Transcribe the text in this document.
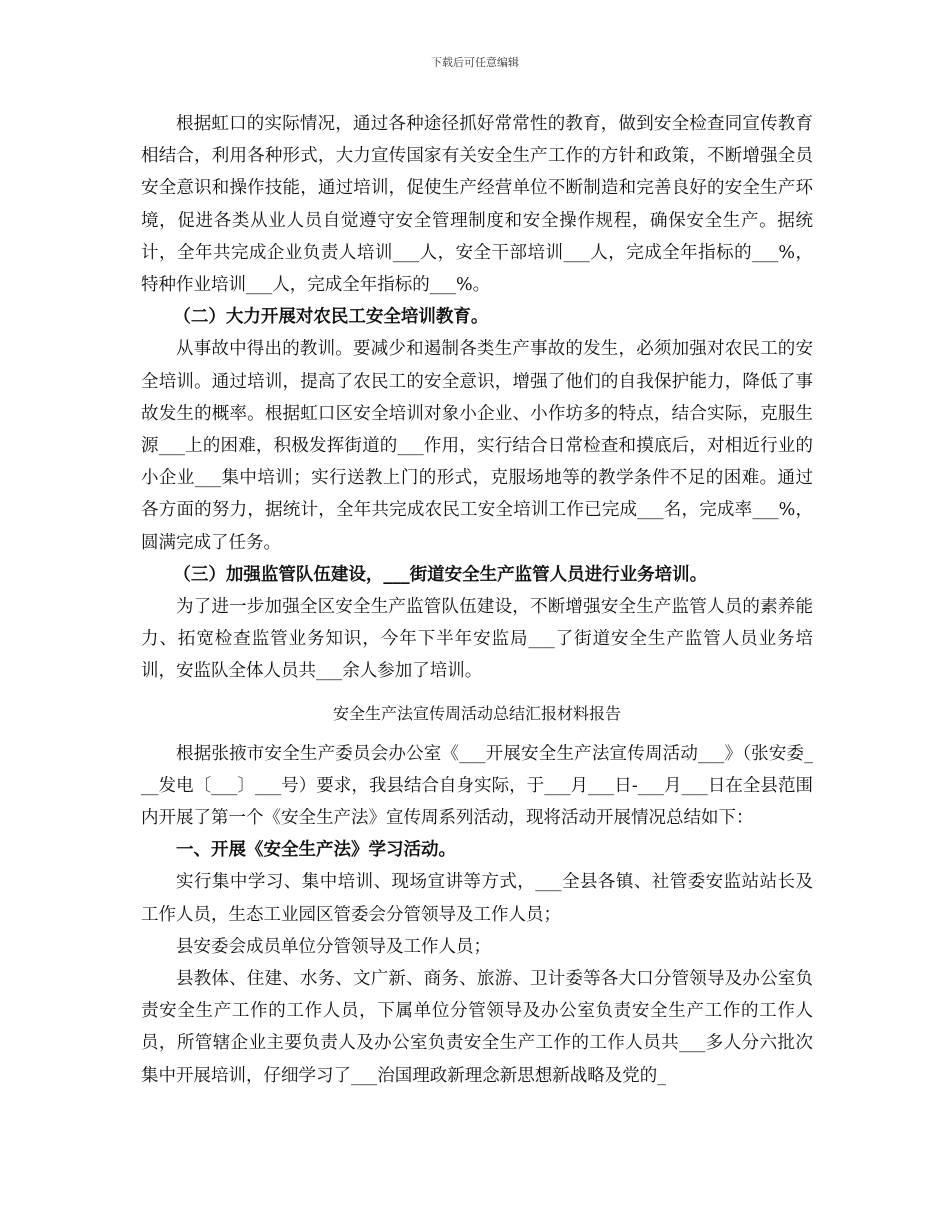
下载后可任意编辑

根据虹口的实际情况，通过各种途径抓好常常性的教育，做到安全检查同宣传教育相结合，利用各种形式，大力宣传国家有关安全生产工作的方针和政策，不断增强全员安全意识和操作技能，通过培训，促使生产经营单位不断制造和完善良好的安全生产环境，促进各类从业人员自觉遵守安全管理制度和安全操作规程，确保安全生产。据统计，全年共完成企业负责人培训___人，安全干部培训___人，完成全年指标的___%，特种作业培训___人，完成全年指标的___%。

（二）大力开展对农民工安全培训教育。

从事故中得出的教训。要减少和遏制各类生产事故的发生，必须加强对农民工的安全培训。通过培训，提高了农民工的安全意识，增强了他们的自我保护能力，降低了事故发生的概率。根据虹口区安全培训对象小企业、小作坊多的特点，结合实际，克服生源___上的困难，积极发挥街道的___作用，实行结合日常检查和摸底后，对相近行业的小企业___集中培训；实行送教上门的形式，克服场地等的教学条件不足的困难。通过各方面的努力，据统计，全年共完成农民工安全培训工作已完成___名，完成率___%，圆满完成了任务。

（三）加强监管队伍建设，___街道安全生产监管人员进行业务培训。

为了进一步加强全区安全生产监管队伍建设，不断增强安全生产监管人员的素养能力、拓宽检查监管业务知识，今年下半年安监局___了街道安全生产监管人员业务培训，安监队全体人员共___余人参加了培训。

安全生产法宣传周活动总结汇报材料报告

根据张掖市安全生产委员会办公室《___开展安全生产法宣传周活动___》（张安委___发电〔___〕___号）要求，我县结合自身实际，于___月___日-___月___日在全县范围内开展了第一个《安全生产法》宣传周系列活动，现将活动开展情况总结如下：

一、开展《安全生产法》学习活动。

实行集中学习、集中培训、现场宣讲等方式，___全县各镇、社管委安监站站长及工作人员，生态工业园区管委会分管领导及工作人员；

县安委会成员单位分管领导及工作人员；

县教体、住建、水务、文广新、商务、旅游、卫计委等各大口分管领导及办公室负责安全生产工作的工作人员，下属单位分管领导及办公室负责安全生产工作的工作人员，所管辖企业主要负责人及办公室负责安全生产工作的工作人员共___多人分六批次集中开展培训，仔细学习了___治国理政新理念新思想新战略及党的_
